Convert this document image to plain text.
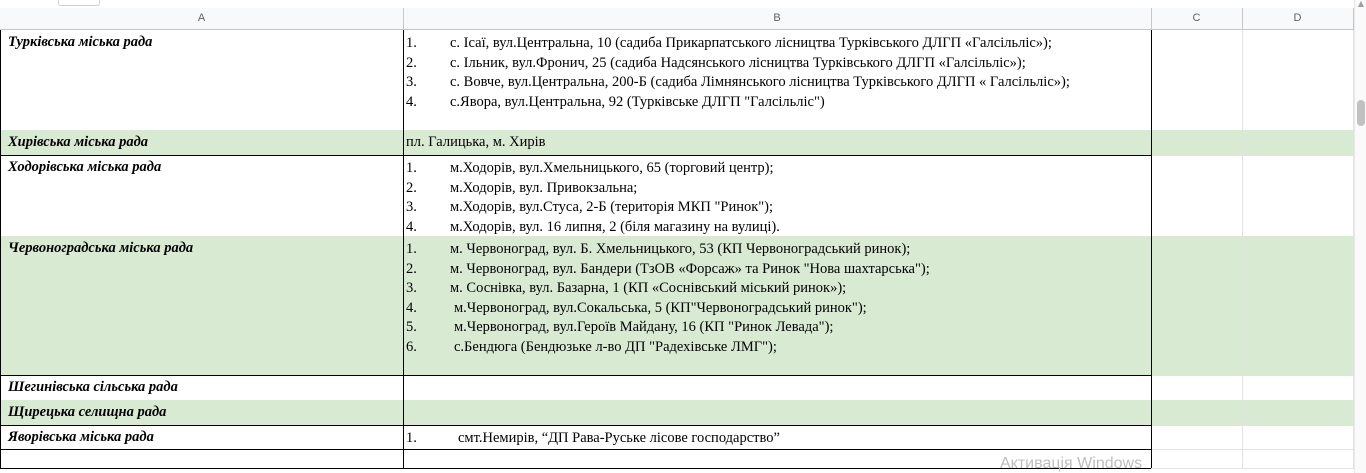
A	B	C	D
Турківська міська рада	1. с. Ісаї, вул.Центральна, 10 (садиба Прикарпатського лісництва Турківського ДЛГП «Галсільліс»);
2. с. Ільник, вул.Фронич, 25 (садиба Надсянського лісництва Турківського ДЛГП «Галсільліс»);
3. с. Вовче, вул.Центральна, 200-Б (садиба Лімнянського лісництва Турківського ДЛГП « Галсільліс»);
4. с.Явора, вул.Центральна, 92 (Турківське ДЛГП "Галсільліс")
Хирівська міська рада	пл. Галицька, м. Хирів
Ходорівська міська рада	1. м.Ходорів, вул.Хмельницького, 65 (торговий центр);
2. м.Ходорів, вул. Привокзальна;
3. м.Ходорів, вул.Стуса, 2-Б (територія МКП "Ринок");
4. м.Ходорів, вул. 16 липня, 2 (біля магазину на вулиці).
Червоноградська міська рада	1. м. Червоноград, вул. Б. Хмельницького, 53 (КП Червоноградський ринок);
2. м. Червоноград, вул. Бандери (ТзОВ «Форсаж» та Ринок "Нова шахтарська");
3. м. Соснівка, вул. Базарна, 1 (КП «Соснівський міський ринок»);
4.	м.Червоноград, вул.Сокальська, 5 (КП"Червоноградський ринок");
5.	м.Червоноград, вул.Героїв Майдану, 16 (КП "Ринок Левада");
6.	с.Бендюга (Бендюзьке л-во ДП "Радехівське ЛМГ");
Шегинівська сільська рада
Щирецька селищна рада
Яворівська міська рада	1.	смт.Немирів, “ДП Рава-Руське лісове господарство”
▲
Активація Windows
